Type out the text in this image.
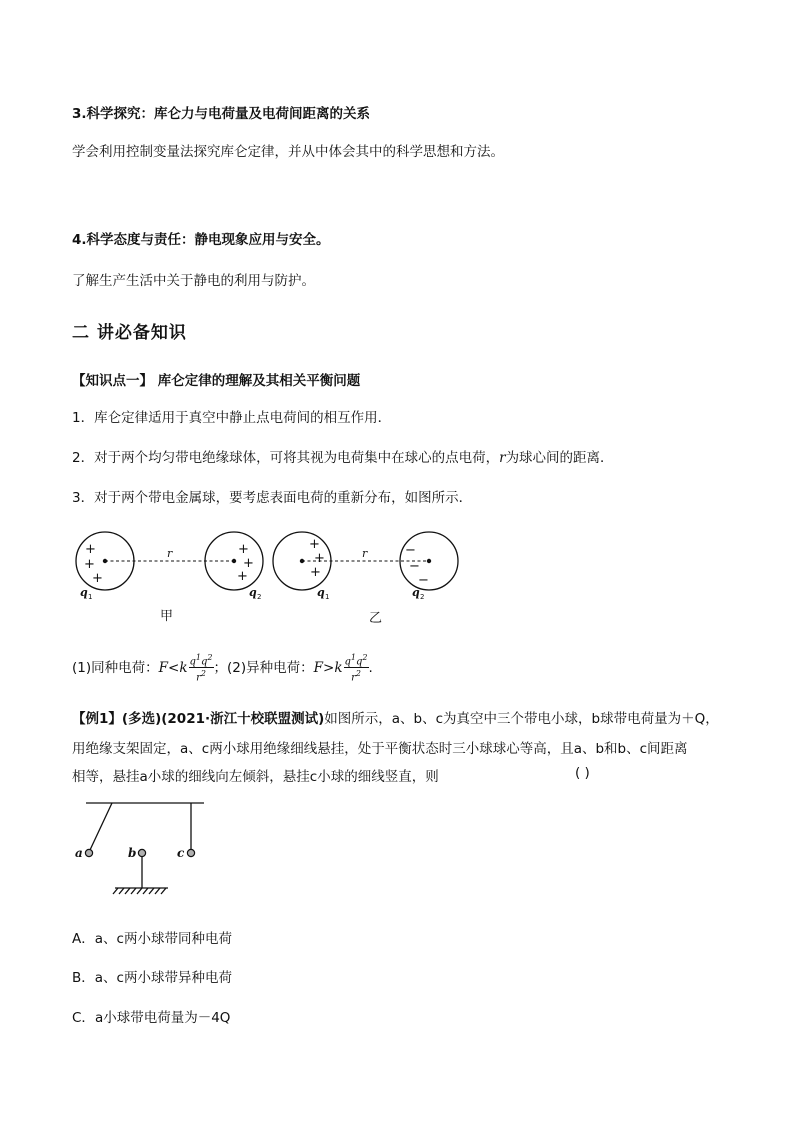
3.科学探究：库仑力与电荷量及电荷间距离的关系
学会利用控制变量法探究库仑定律，并从中体会其中的科学思想和方法。
4.科学态度与责任：静电现象应用与安全。
了解生产生活中关于静电的利用与防护。
二 讲必备知识
【知识点一】 库仑定律的理解及其相关平衡问题
1．库仑定律适用于真空中静止点电荷间的相互作用．
2．对于两个均匀带电绝缘球体，可将其视为电荷集中在球心的点电荷，r为球心间的距离．
3．对于两个带电金属球，要考虑表面电荷的重新分布，如图所示．
+
+
+
+
+
+
+
+
+
−
−
−
r	r
q	q	q	q
1	2	1	2
甲	乙
(1)同种电荷：$F<k \frac{q^1q^2}{r^2}$ ；(2)异种电荷：$F>k \frac{q^1q^2}{r^2}$ .
【例1】(多选)(2021·浙江十校联盟测试)如图所示，a、b、c为真空中三个带电小球，b球带电荷量为＋Q，
用绝缘支架固定，a、c两小球用绝缘细线悬挂，处于平衡状态时三小球球心等高，且a、b和b、c间距离
相等，悬挂a小球的细线向左倾斜，悬挂c小球的细线竖直，则	( )
a	b	c
A．a、c两小球带同种电荷
B．a、c两小球带异种电荷
C．a小球带电荷量为－4Q
